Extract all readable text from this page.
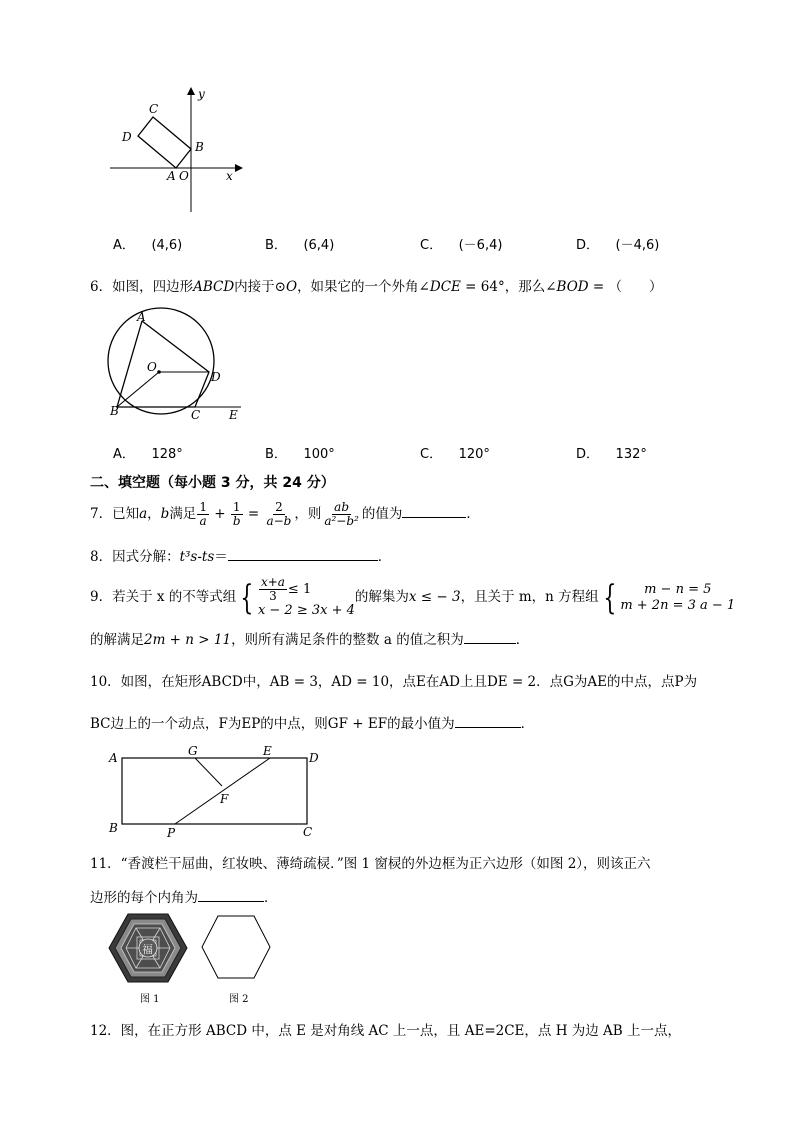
C
D
B
A O	x
y
A． (4,6)	B． (6,4)	C． (－6,4)	D． (－4,6)
6．如图，四边形ABCD内接于⊙O，如果它的一个外角∠DCE = 64°，那么∠BOD = （　　）
A
O
D
B	C E
A． 128°	B． 100°	C． 120°	D． 132°
二、填空题（每小题 3 分，共 24 分）
7．已知a，b满足 $\frac{1}{a} + \frac{1}{b} = \frac{2}{a-b}$ ，则 $\frac{ab}{\text{a²−b²}}$ 的值为	．
8．因式分解：t³s-ts＝	．
9．若关于 x 的不等式组 { $\frac{x+a}{3} \le 1$
x − 2 ≥ 3x + 4
的解集为x ≤ − 3，且关于 m，n 方程组 {	m − n = 5
m + 2n = 3 a − 1
的解满足2m + n > 11，则所有满足条件的整数 a 的值之积为	．
10．如图，在矩形ABCD中，AB = 3，AD = 10，点E在AD上且DE = 2．点G为AE的中点，点P为
BC边上的一个动点，F为EP的中点，则GF + EF的最小值为	．
A	G	E	D
F
B	P	C
11．“香渡栏干屈曲，红妆映、薄绮疏棂．”图 1 窗棂的外边框为正六边形（如图 2），则该正六
边形的每个内角为	．
福
图 1	图 2
12．图，在正方形 ABCD 中，点 E 是对角线 AC 上一点，且 AE=2CE，点 H 为边 AB 上一点，
